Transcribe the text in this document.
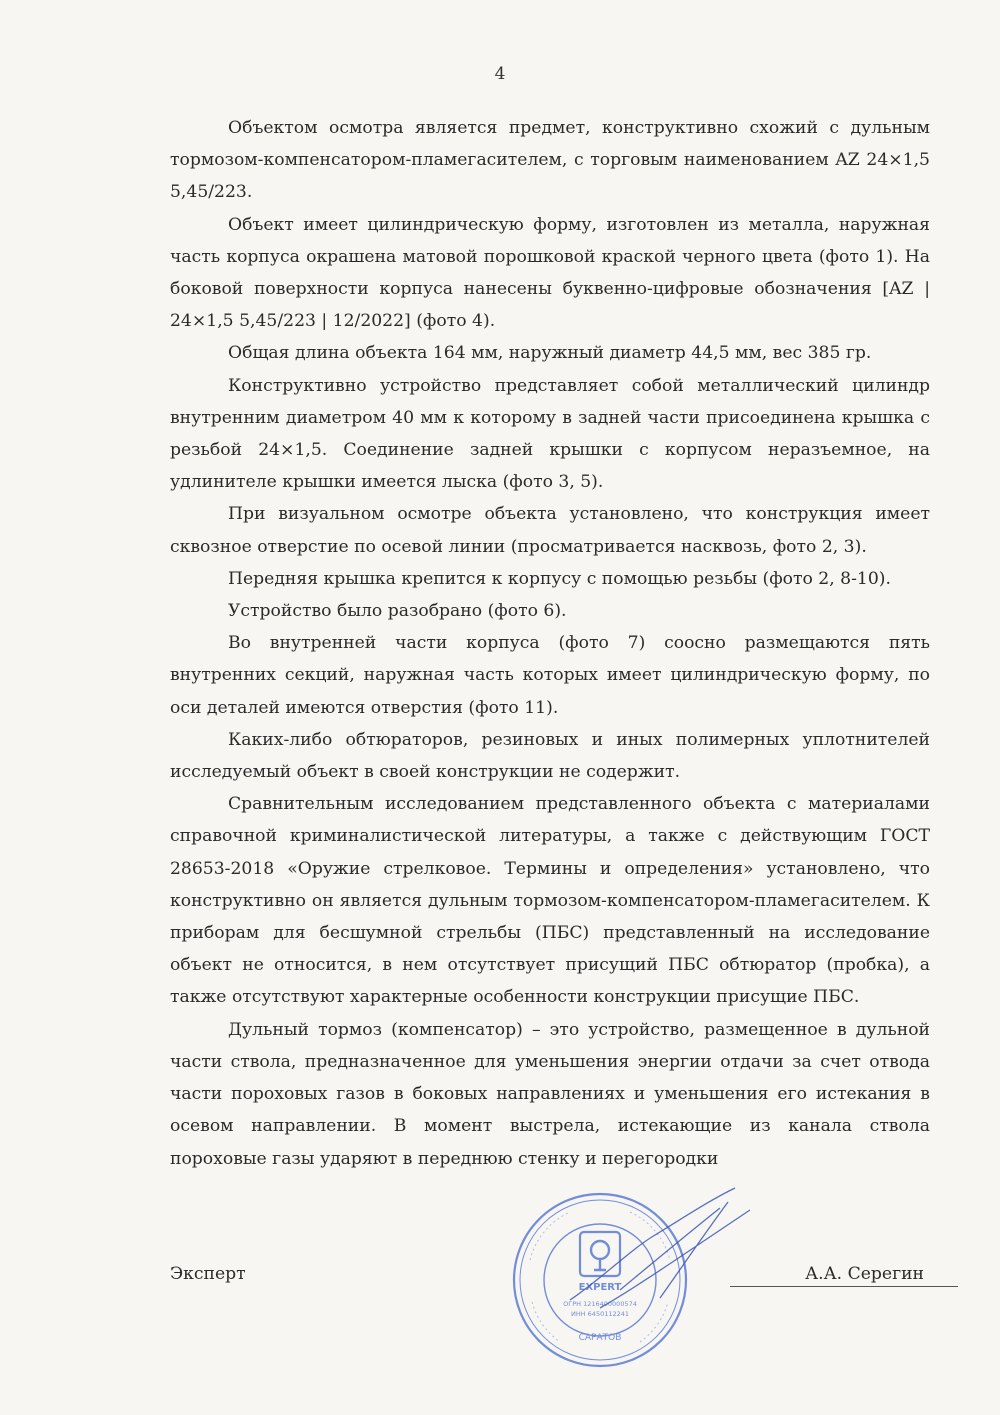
4

Объектом осмотра является предмет, конструктивно схожий с дульным тормозом-компенсатором-пламегасителем, с торговым наименованием AZ 24×1,5 5,45/223.

Объект имеет цилиндрическую форму, изготовлен из металла, наружная часть корпуса окрашена матовой порошковой краской черного цвета (фото 1). На боковой поверхности корпуса нанесены буквенно-цифровые обозначения [AZ | 24×1,5 5,45/223 | 12/2022] (фото 4).

Общая длина объекта 164 мм, наружный диаметр 44,5 мм, вес 385 гр.

Конструктивно устройство представляет собой металлический цилиндр внутренним диаметром 40 мм к которому в задней части присоединена крышка с резьбой 24×1,5. Соединение задней крышки с корпусом неразъемное, на удлинителе крышки имеется лыска (фото 3, 5).

При визуальном осмотре объекта установлено, что конструкция имеет сквозное отверстие по осевой линии (просматривается насквозь, фото 2, 3).

Передняя крышка крепится к корпусу с помощью резьбы (фото 2, 8-10).

Устройство было разобрано (фото 6).

Во внутренней части корпуса (фото 7) соосно размещаются пять внутренних секций, наружная часть которых имеет цилиндрическую форму, по оси деталей имеются отверстия (фото 11).

Каких-либо обтюраторов, резиновых и иных полимерных уплотнителей исследуемый объект в своей конструкции не содержит.

Сравнительным исследованием представленного объекта с материалами справочной криминалистической литературы, а также с действующим ГОСТ 28653-2018 «Оружие стрелковое. Термины и определения» установлено, что конструктивно он является дульным тормозом-компенсатором-пламегасителем. К приборам для бесшумной стрельбы (ПБС) представленный на исследование объект не относится, в нем отсутствует присущий ПБС обтюратор (пробка), а также отсутствуют характерные особенности конструкции присущие ПБС.

Дульный тормоз (компенсатор) – это устройство, размещенное в дульной части ствола, предназначенное для уменьшения энергии отдачи за счет отвода части пороховых газов в боковых направлениях и уменьшения его истекания в осевом направлении. В момент выстрела, истекающие из канала ствола пороховые газы ударяют в переднюю стенку и перегородки

EXPERT
ОГРН 1216400000574
ИНН 6450112241
САРАТОВ
Эксперт	А.А. Серегин
